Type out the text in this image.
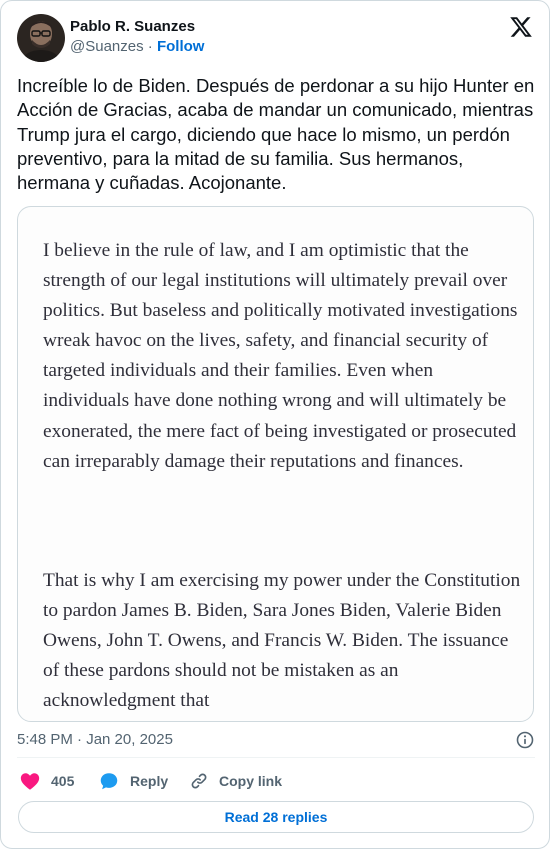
Pablo R. Suanzes
@Suanzes · Follow
Increíble lo de Biden. Después de perdonar a su hijo Hunter en Acción de Gracias, acaba de mandar un comunicado, mientras Trump jura el cargo, diciendo que hace lo mismo, un perdón preventivo, para la mitad de su familia. Sus hermanos, hermana y cuñadas. Acojonante.
I believe in the rule of law, and I am optimistic that the strength of our legal institutions will ultimately prevail over politics. But baseless and politically motivated investigations wreak havoc on the lives, safety, and financial security of targeted individuals and their families. Even when individuals have done nothing wrong and will ultimately be exonerated, the mere fact of being investigated or prosecuted can irreparably damage their reputations and finances.
That is why I am exercising my power under the Constitution to pardon James B. Biden, Sara Jones Biden, Valerie Biden Owens, John T. Owens, and Francis W. Biden. The issuance of these pardons should not be mistaken as an acknowledgment that
5:48 PM · Jan 20, 2025
405	Reply	Copy link
Read 28 replies
